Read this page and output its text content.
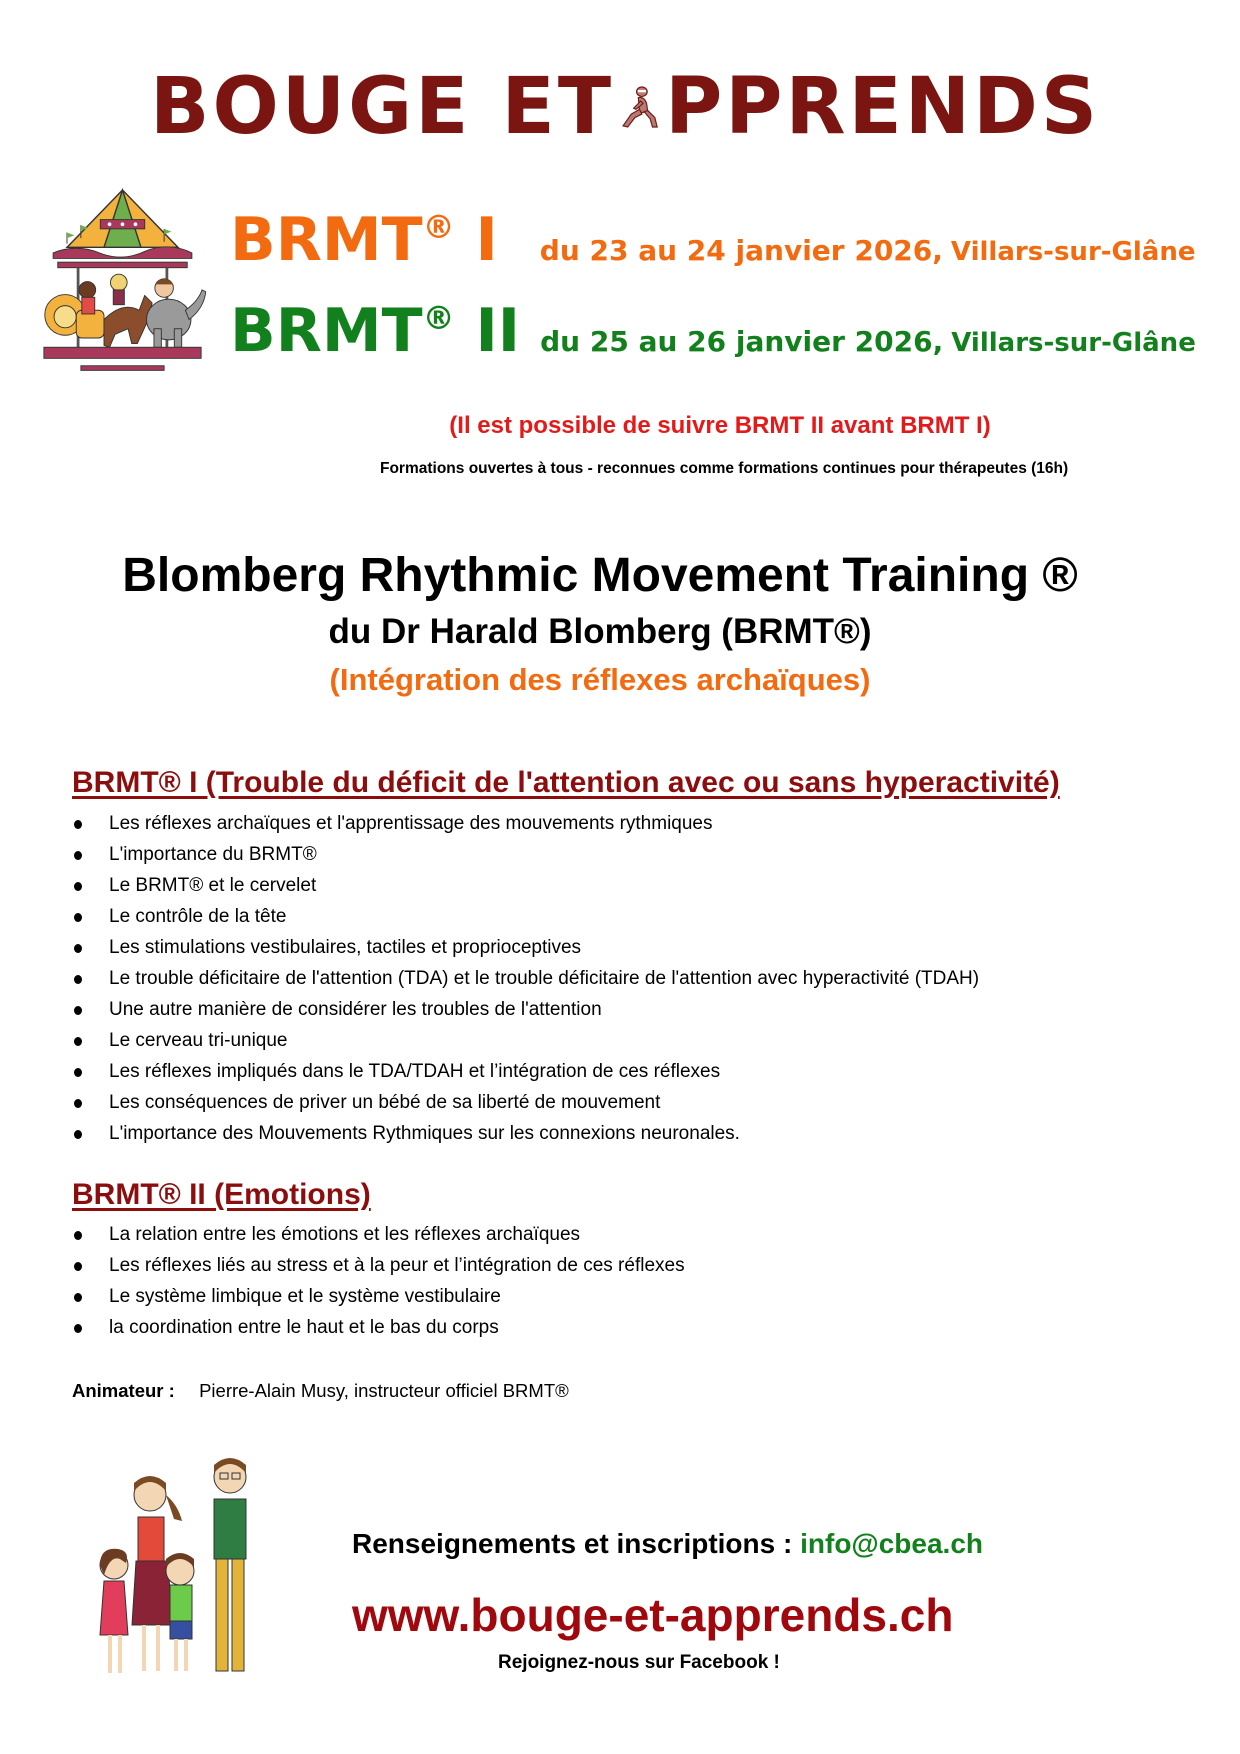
BOUGE ET PPRENDS
BRMT® I du 23 au 24 janvier 2026, Villars-sur-Glâne
BRMT® II du 25 au 26 janvier 2026, Villars-sur-Glâne
(Il est possible de suivre BRMT II avant BRMT I)
Formations ouvertes à tous - reconnues comme formations continues pour thérapeutes (16h)
Blomberg Rhythmic Movement Training ®
du Dr Harald Blomberg (BRMT®)
(Intégration des réflexes archaïques)
BRMT® I (Trouble du déficit de l'attention avec ou sans hyperactivité)
Les réflexes archaïques et l'apprentissage des mouvements rythmiques
L'importance du BRMT®
Le BRMT® et le cervelet
Le contrôle de la tête
Les stimulations vestibulaires, tactiles et proprioceptives
Le trouble déficitaire de l'attention (TDA) et le trouble déficitaire de l'attention avec hyperactivité (TDAH)
Une autre manière de considérer les troubles de l'attention
Le cerveau tri-unique
Les réflexes impliqués dans le TDA/TDAH et l’intégration de ces réflexes
Les conséquences de priver un bébé de sa liberté de mouvement
L'importance des Mouvements Rythmiques sur les connexions neuronales.
BRMT® II (Emotions)
La relation entre les émotions et les réflexes archaïques
Les réflexes liés au stress et à la peur et l’intégration de ces réflexes
Le système limbique et le système vestibulaire
la coordination entre le haut et le bas du corps
Animateur : Pierre-Alain Musy, instructeur officiel BRMT®
Renseignements et inscriptions : info@cbea.ch
www.bouge-et-apprends.ch
Rejoignez-nous sur Facebook !
